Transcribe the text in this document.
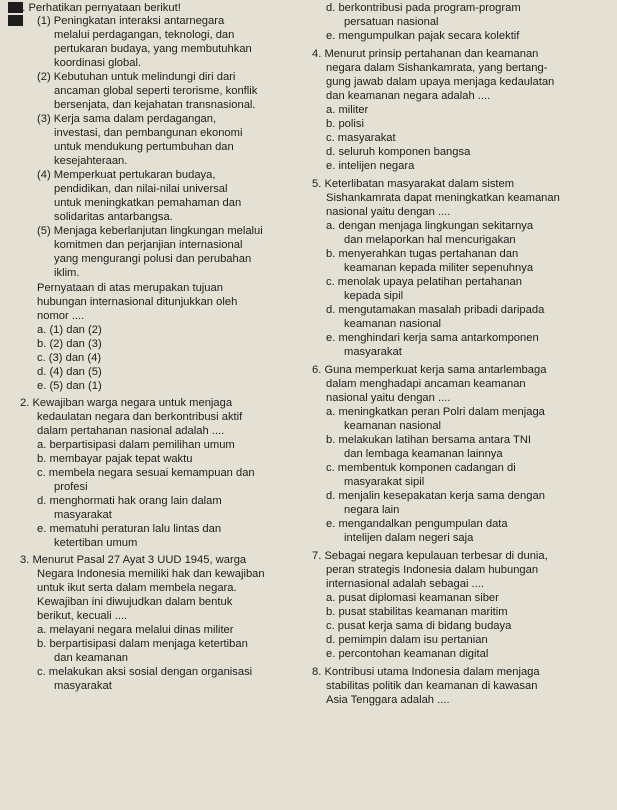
1. Perhatikan pernyataan berikut!
(1) Peningkatan interaksi antarnegara
melalui perdagangan, teknologi, dan
pertukaran budaya, yang membutuhkan
koordinasi global.
(2) Kebutuhan untuk melindungi diri dari
ancaman global seperti terorisme, konflik
bersenjata, dan kejahatan transnasional.
(3) Kerja sama dalam perdagangan,
investasi, dan pembangunan ekonomi
untuk mendukung pertumbuhan dan
kesejahteraan.
(4) Memperkuat pertukaran budaya,
pendidikan, dan nilai-nilai universal
untuk meningkatkan pemahaman dan
solidaritas antarbangsa.
(5) Menjaga keberlanjutan lingkungan melalui
komitmen dan perjanjian internasional
yang mengurangi polusi dan perubahan
iklim.
Pernyataan di atas merupakan tujuan
hubungan internasional ditunjukkan oleh
nomor ....
a. (1) dan (2)
b. (2) dan (3)
c. (3) dan (4)
d. (4) dan (5)
e. (5) dan (1)
2. Kewajiban warga negara untuk menjaga
kedaulatan negara dan berkontribusi aktif
dalam pertahanan nasional adalah ....
a. berpartisipasi dalam pemilihan umum
b. membayar pajak tepat waktu
c. membela negara sesuai kemampuan dan
profesi
d. menghormati hak orang lain dalam
masyarakat
e. mematuhi peraturan lalu lintas dan
ketertiban umum
3. Menurut Pasal 27 Ayat 3 UUD 1945, warga
Negara Indonesia memiliki hak dan kewajiban
untuk ikut serta dalam membela negara.
Kewajiban ini diwujudkan dalam bentuk
berikut, kecuali ....
a. melayani negara melalui dinas militer
b. berpartisipasi dalam menjaga ketertiban
dan keamanan
c. melakukan aksi sosial dengan organisasi
masyarakat
d. berkontribusi pada program-program
persatuan nasional
e. mengumpulkan pajak secara kolektif
4. Menurut prinsip pertahanan dan keamanan
negara dalam Sishankamrata, yang bertang-
gung jawab dalam upaya menjaga kedaulatan
dan keamanan negara adalah ....
a. militer
b. polisi
c. masyarakat
d. seluruh komponen bangsa
e. intelijen negara
5. Keterlibatan masyarakat dalam sistem
Sishankamrata dapat meningkatkan keamanan
nasional yaitu dengan ....
a. dengan menjaga lingkungan sekitarnya
dan melaporkan hal mencurigakan
b. menyerahkan tugas pertahanan dan
keamanan kepada militer sepenuhnya
c. menolak upaya pelatihan pertahanan
kepada sipil
d. mengutamakan masalah pribadi daripada
keamanan nasional
e. menghindari kerja sama antarkomponen
masyarakat
6. Guna memperkuat kerja sama antarlembaga
dalam menghadapi ancaman keamanan
nasional yaitu dengan ....
a. meningkatkan peran Polri dalam menjaga
keamanan nasional
b. melakukan latihan bersama antara TNI
dan lembaga keamanan lainnya
c. membentuk komponen cadangan di
masyarakat sipil
d. menjalin kesepakatan kerja sama dengan
negara lain
e. mengandalkan pengumpulan data
intelijen dalam negeri saja
7. Sebagai negara kepulauan terbesar di dunia,
peran strategis Indonesia dalam hubungan
internasional adalah sebagai ....
a. pusat diplomasi keamanan siber
b. pusat stabilitas keamanan maritim
c. pusat kerja sama di bidang budaya
d. pemimpin dalam isu pertanian
e. percontohan keamanan digital
8. Kontribusi utama Indonesia dalam menjaga
stabilitas politik dan keamanan di kawasan
Asia Tenggara adalah ....
